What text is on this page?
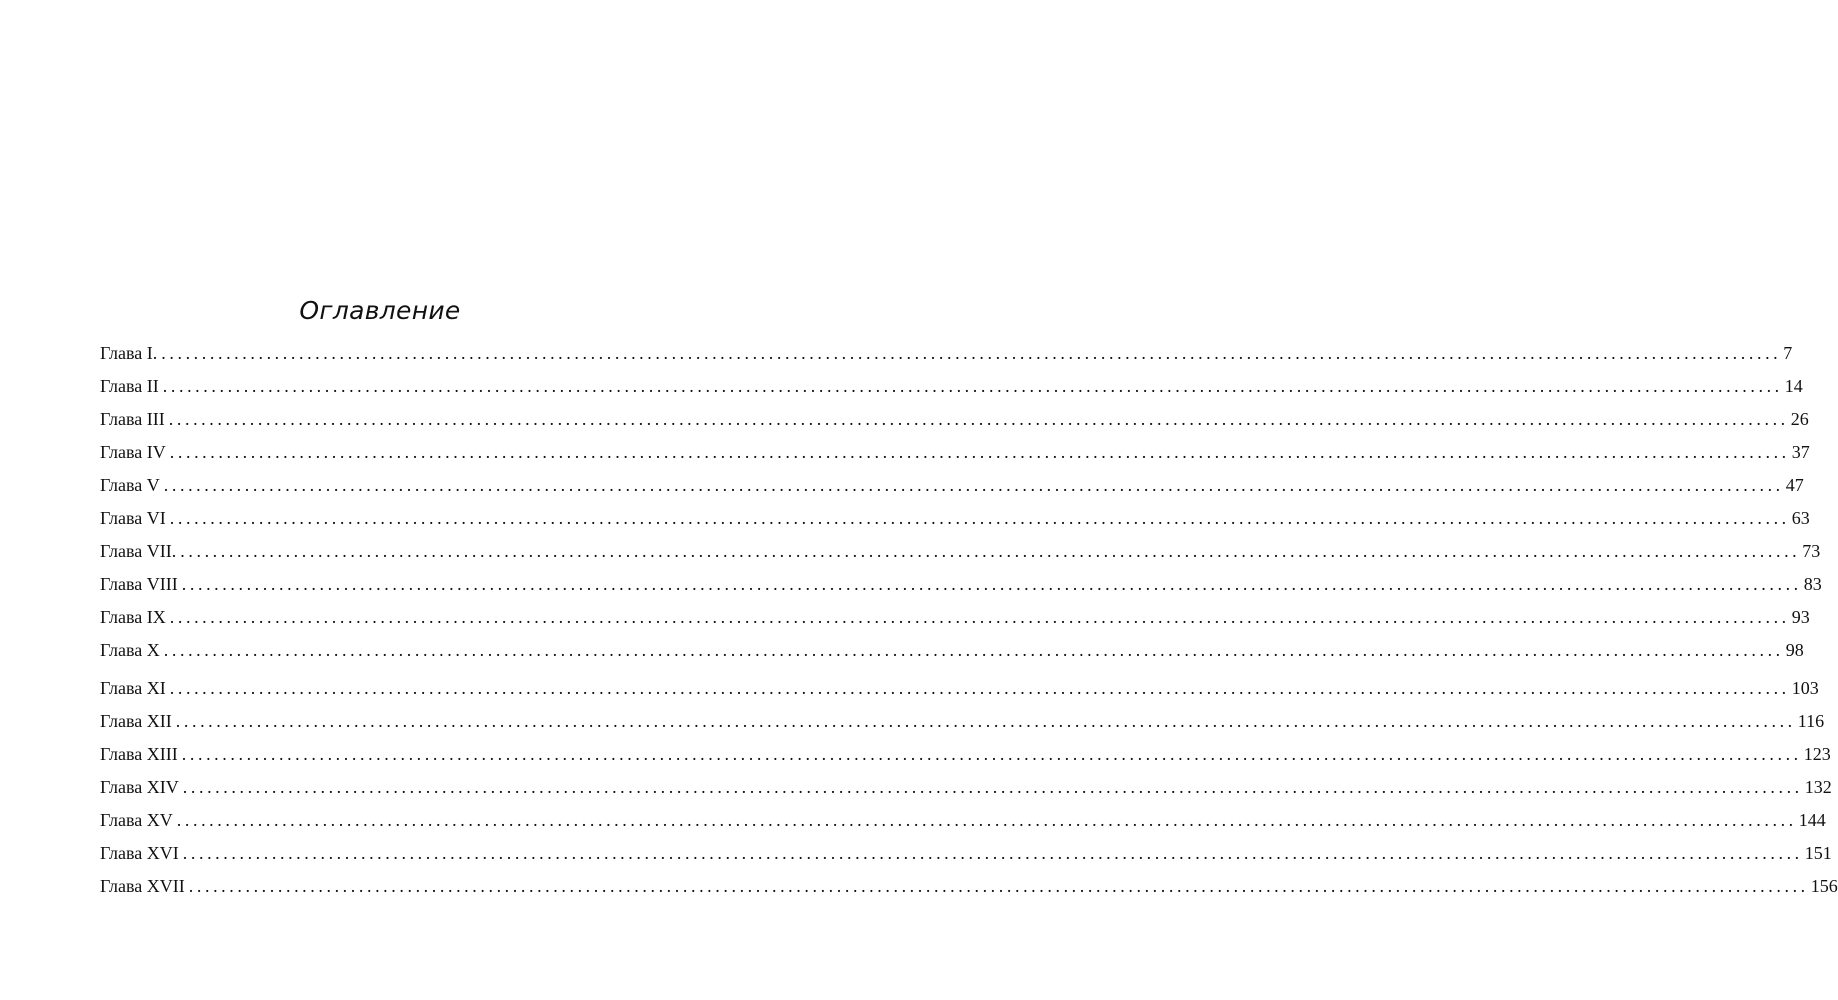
Оглавление
Глава I. ........................................................................................................................................................................................................ 7
Глава II ........................................................................................................................................................................................................ 14
Глава III ........................................................................................................................................................................................................ 26
Глава IV ........................................................................................................................................................................................................ 37
Глава V ........................................................................................................................................................................................................ 47
Глава VI ........................................................................................................................................................................................................ 63
Глава VII. ........................................................................................................................................................................................................ 73
Глава VIII ........................................................................................................................................................................................................ 83
Глава IX ........................................................................................................................................................................................................ 93
Глава X ........................................................................................................................................................................................................ 98
Глава XI ........................................................................................................................................................................................................ 103
Глава XII ........................................................................................................................................................................................................ 116
Глава XIII ........................................................................................................................................................................................................ 123
Глава XIV ........................................................................................................................................................................................................ 132
Глава XV ........................................................................................................................................................................................................ 144
Глава XVI ........................................................................................................................................................................................................ 151
Глава XVII ........................................................................................................................................................................................................ 156
